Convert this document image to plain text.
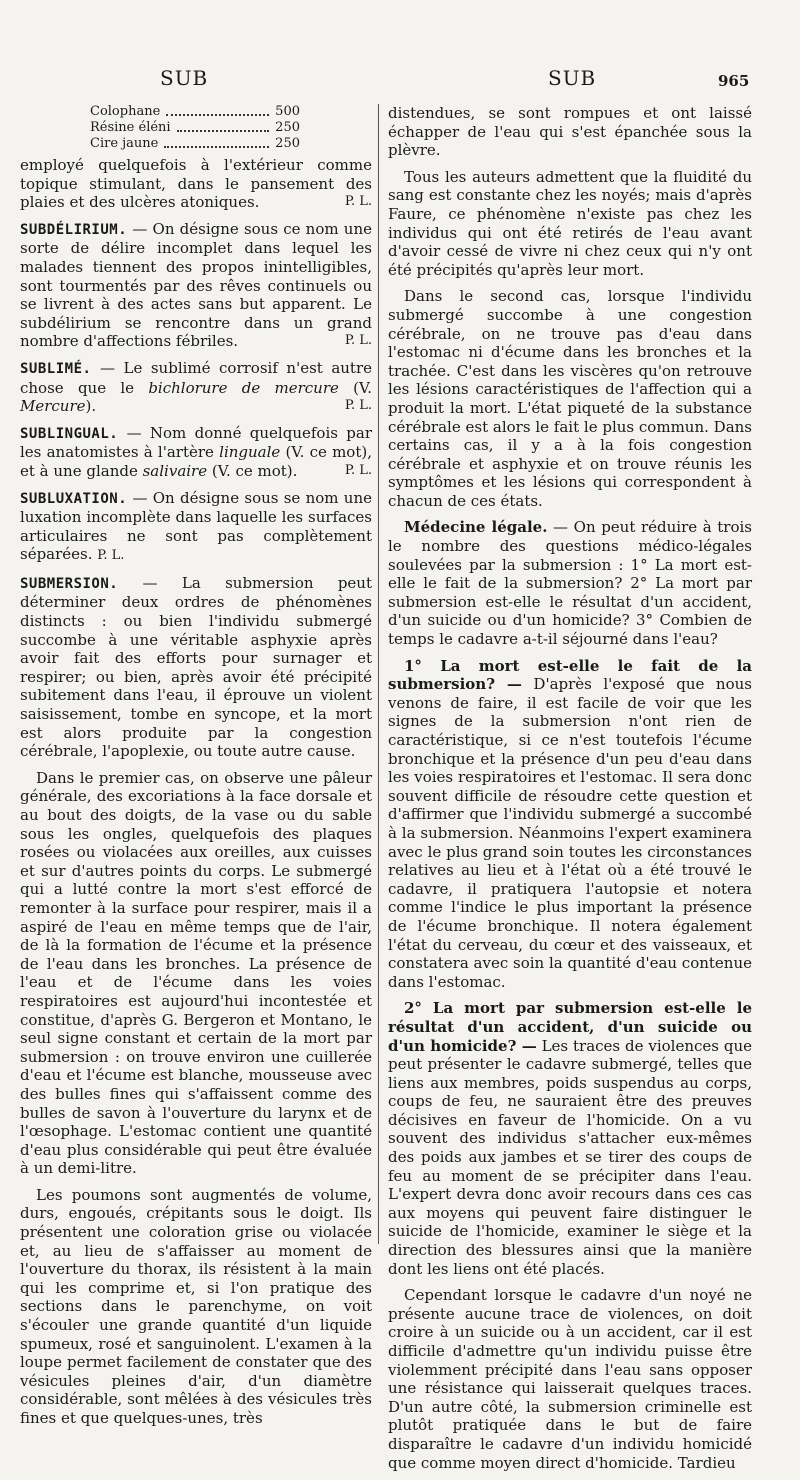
SUB	SUB	965
Colophane	500
Résine éléni	250
Cire jaune	250

employé quelquefois à l'extérieur comme topique stimulant, dans le pansement des plaies et des ulcères atoniques.	P. L.

SUBDÉLIRIUM. — On désigne sous ce nom une sorte de délire incomplet dans lequel les malades tiennent des propos inintelligibles, sont tourmentés par des rêves continuels ou se livrent à des actes sans but apparent. Le subdélirium se rencontre dans un grand nombre d'affections fébriles.	P. L.

SUBLIMÉ. — Le sublimé corrosif n'est autre chose que le bichlorure de mercure (V. Mercure).	P. L.

SUBLINGUAL. — Nom donné quelquefois par les anatomistes à l'artère linguale (V. ce mot), et à une glande salivaire (V. ce mot).	P. L.

SUBLUXATION. — On désigne sous se nom une luxation incomplète dans laquelle les surfaces articulaires ne sont pas complètement séparées. P. L.

SUBMERSION. — La submersion peut déterminer deux ordres de phénomènes distincts : ou bien l'individu submergé succombe à une véritable asphyxie après avoir fait des efforts pour surnager et respirer; ou bien, après avoir été précipité subitement dans l'eau, il éprouve un violent saisissement, tombe en syncope, et la mort est alors produite par la congestion cérébrale, l'apoplexie, ou toute autre cause.

Dans le premier cas, on observe une pâleur générale, des excoriations à la face dorsale et au bout des doigts, de la vase ou du sable sous les ongles, quelquefois des plaques rosées ou violacées aux oreilles, aux cuisses et sur d'autres points du corps. Le submergé qui a lutté contre la mort s'est efforcé de remonter à la surface pour respirer, mais il a aspiré de l'eau en même temps que de l'air, de là la formation de l'écume et la présence de l'eau dans les bronches. La présence de l'eau et de l'écume dans les voies respiratoires est aujourd'hui incontestée et constitue, d'après G. Bergeron et Montano, le seul signe constant et certain de la mort par submersion : on trouve environ une cuillerée d'eau et l'écume est blanche, mousseuse avec des bulles fines qui s'affaissent comme des bulles de savon à l'ouverture du larynx et de l'œsophage. L'estomac contient une quantité d'eau plus considérable qui peut être évaluée à un demi-litre.

Les poumons sont augmentés de volume, durs, engoués, crépitants sous le doigt. Ils présentent une coloration grise ou violacée et, au lieu de s'affaisser au moment de l'ouverture du thorax, ils résistent à la main qui les comprime et, si l'on pratique des sections dans le parenchyme, on voit s'écouler une grande quantité d'un liquide spumeux, rosé et sanguinolent. L'examen à la loupe permet facilement de constater que des vésicules pleines d'air, d'un diamètre considérable, sont mêlées à des vésicules très fines et que quelques-unes, très

distendues, se sont rompues et ont laissé échapper de l'eau qui s'est épanchée sous la plèvre.

Tous les auteurs admettent que la fluidité du sang est constante chez les noyés; mais d'après Faure, ce phénomène n'existe pas chez les individus qui ont été retirés de l'eau avant d'avoir cessé de vivre ni chez ceux qui n'y ont été précipités qu'après leur mort.

Dans le second cas, lorsque l'individu submergé succombe à une congestion cérébrale, on ne trouve pas d'eau dans l'estomac ni d'écume dans les bronches et la trachée. C'est dans les viscères qu'on retrouve les lésions caractéristiques de l'affection qui a produit la mort. L'état piqueté de la substance cérébrale est alors le fait le plus commun. Dans certains cas, il y a à la fois congestion cérébrale et asphyxie et on trouve réunis les symptômes et les lésions qui correspondent à chacun de ces états.

Médecine légale. — On peut réduire à trois le nombre des questions médico-légales soulevées par la submersion : 1° La mort est-elle le fait de la submersion? 2° La mort par submersion est-elle le résultat d'un accident, d'un suicide ou d'un homicide? 3° Combien de temps le cadavre a-t-il séjourné dans l'eau?

1° La mort est-elle le fait de la submersion? — D'après l'exposé que nous venons de faire, il est facile de voir que les signes de la submersion n'ont rien de caractéristique, si ce n'est toutefois l'écume bronchique et la présence d'un peu d'eau dans les voies respiratoires et l'estomac. Il sera donc souvent difficile de résoudre cette question et d'affirmer que l'individu submergé a succombé à la submersion. Néanmoins l'expert examinera avec le plus grand soin toutes les circonstances relatives au lieu et à l'état où a été trouvé le cadavre, il pratiquera l'autopsie et notera comme l'indice le plus important la présence de l'écume bronchique. Il notera également l'état du cerveau, du cœur et des vaisseaux, et constatera avec soin la quantité d'eau contenue dans l'estomac.

2° La mort par submersion est-elle le résultat d'un accident, d'un suicide ou d'un homicide? — Les traces de violences que peut présenter le cadavre submergé, telles que liens aux membres, poids suspendus au corps, coups de feu, ne sauraient être des preuves décisives en faveur de l'homicide. On a vu souvent des individus s'attacher eux-mêmes des poids aux jambes et se tirer des coups de feu au moment de se précipiter dans l'eau. L'expert devra donc avoir recours dans ces cas aux moyens qui peuvent faire distinguer le suicide de l'homicide, examiner le siège et la direction des blessures ainsi que la manière dont les liens ont été placés.

Cependant lorsque le cadavre d'un noyé ne présente aucune trace de violences, on doit croire à un suicide ou à un accident, car il est difficile d'admettre qu'un individu puisse être violemment précipité dans l'eau sans opposer une résistance qui laisserait quelques traces. D'un autre côté, la submersion criminelle est plutôt pratiquée dans le but de faire disparaître le cadavre d'un individu homicidé que comme moyen direct d'homicide. Tardieu
